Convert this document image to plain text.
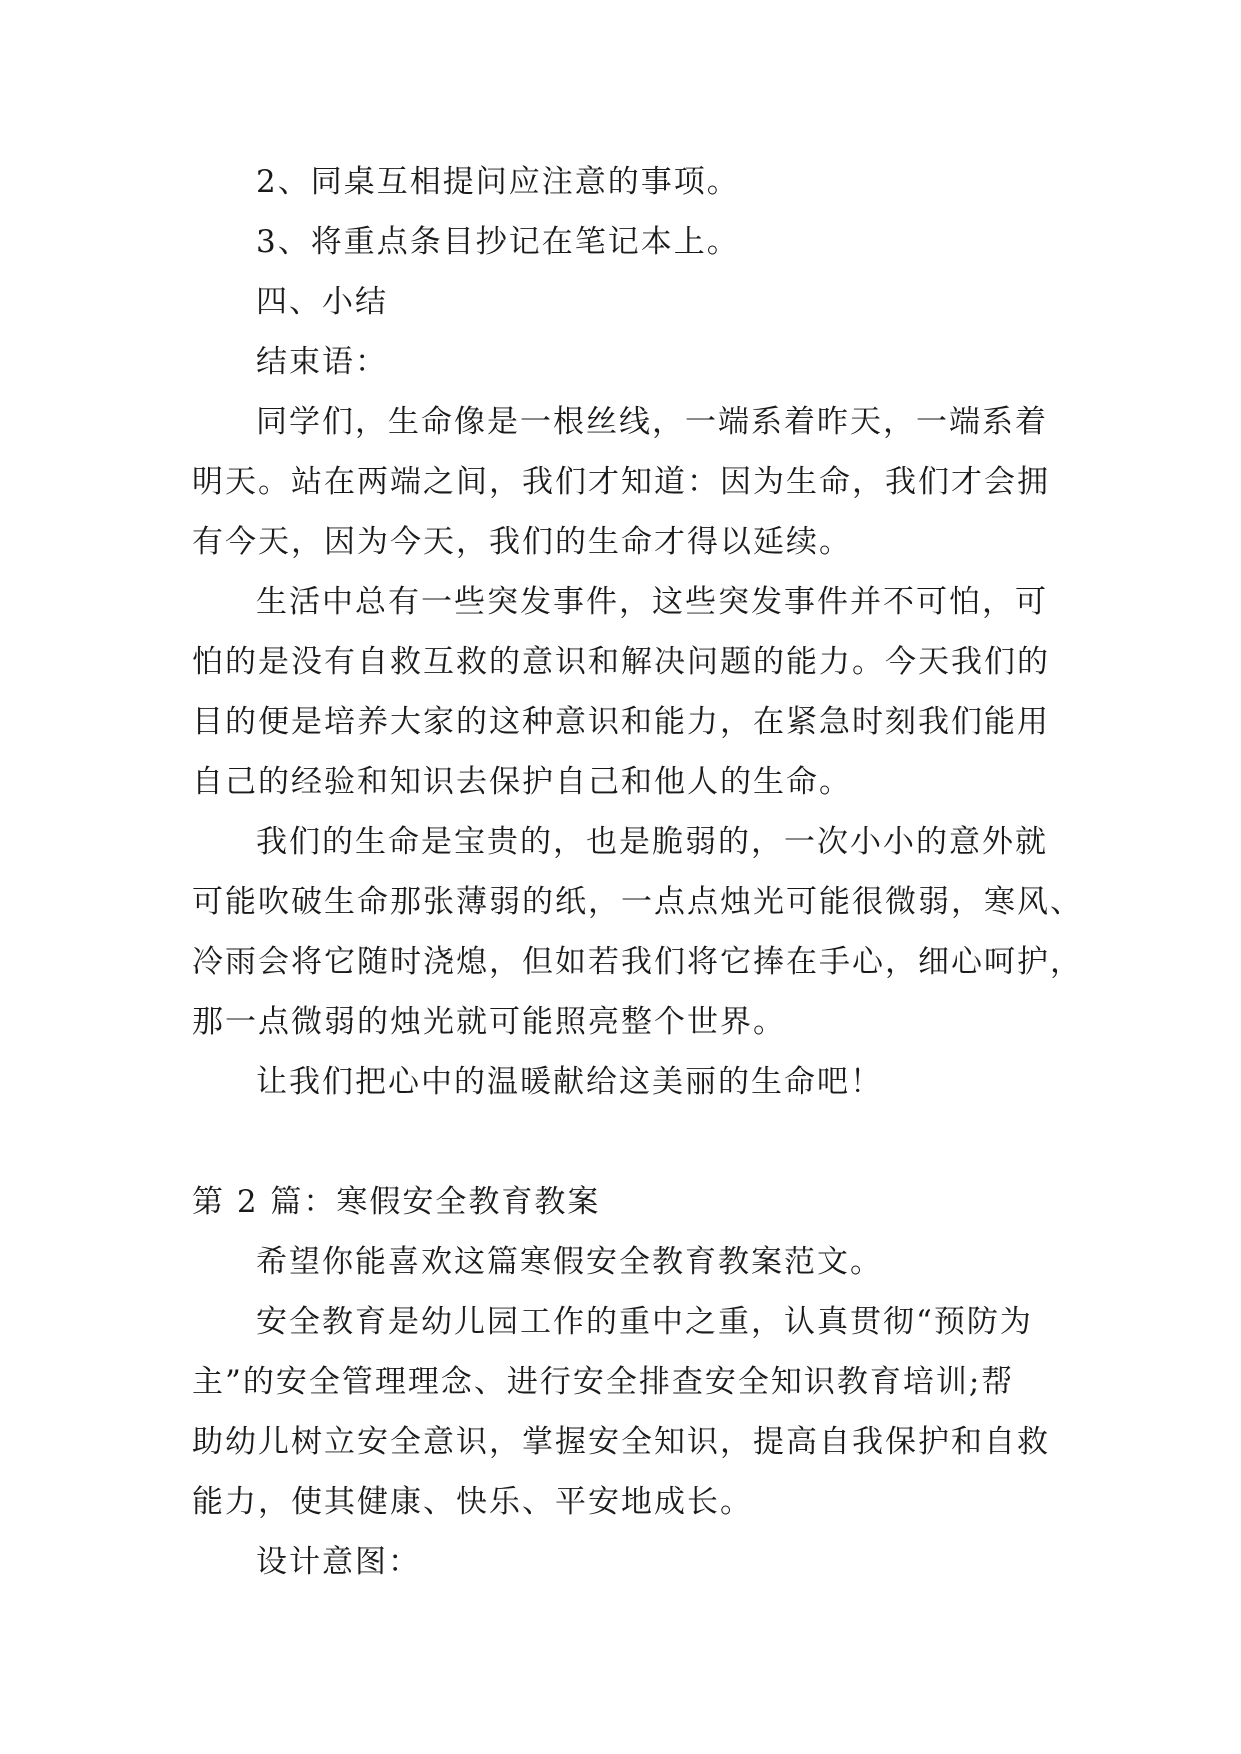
2、同桌互相提问应注意的事项。
3、将重点条目抄记在笔记本上。
四、小结
结束语：
同学们，生命像是一根丝线，一端系着昨天，一端系着
明天。站在两端之间，我们才知道：因为生命，我们才会拥
有今天，因为今天，我们的生命才得以延续。
生活中总有一些突发事件，这些突发事件并不可怕，可
怕的是没有自救互救的意识和解决问题的能力。今天我们的
目的便是培养大家的这种意识和能力，在紧急时刻我们能用
自己的经验和知识去保护自己和他人的生命。
我们的生命是宝贵的，也是脆弱的，一次小小的意外就
可能吹破生命那张薄弱的纸，一点点烛光可能很微弱，寒风、
冷雨会将它随时浇熄，但如若我们将它捧在手心，细心呵护，
那一点微弱的烛光就可能照亮整个世界。
让我们把心中的温暖献给这美丽的生命吧！
第 2 篇：寒假安全教育教案
希望你能喜欢这篇寒假安全教育教案范文。
安全教育是幼儿园工作的重中之重，认真贯彻“预防为
主”的安全管理理念、进行安全排查安全知识教育培训;帮
助幼儿树立安全意识，掌握安全知识，提高自我保护和自救
能力，使其健康、快乐、平安地成长。
设计意图：
